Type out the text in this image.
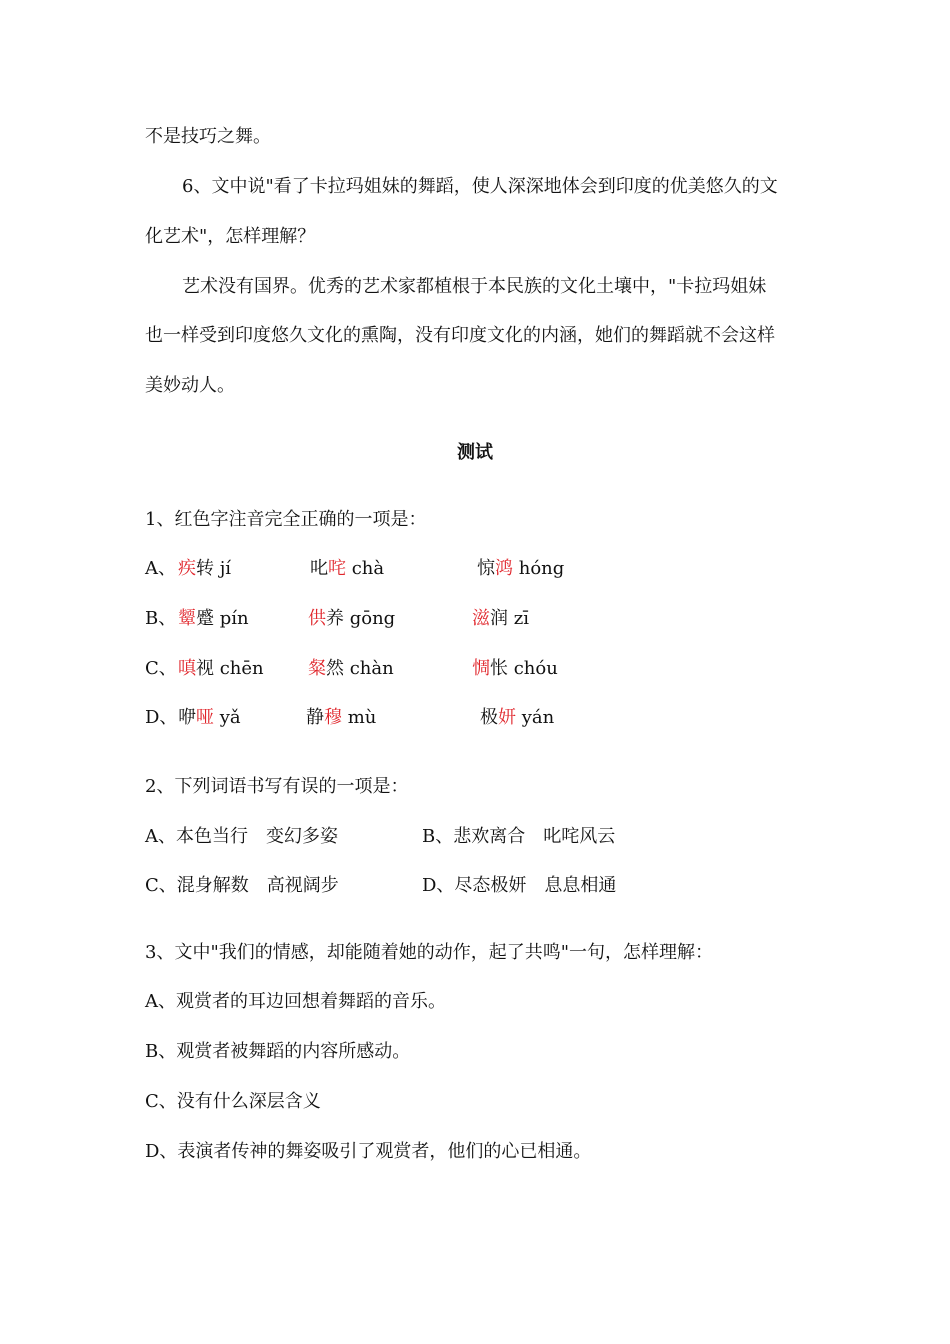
不是技巧之舞。
6、文中说"看了卡拉玛姐妹的舞蹈，使人深深地体会到印度的优美悠久的文
化艺术"，怎样理解？
艺术没有国界。优秀的艺术家都植根于本民族的文化土壤中，"卡拉玛姐妹
也一样受到印度悠久文化的熏陶，没有印度文化的内涵，她们的舞蹈就不会这样
美妙动人。
测试
1、红色字注音完全正确的一项是：
A、 疾转 jí	叱咤 chà	惊鸿 hóng
B、 颦蹙 pín	供养 gōng	滋润 zī
C、 嗔视 chēn 粲然 chàn	惆怅 chóu
D、 咿哑 yǎ	静穆 mù	极妍 yán
2、下列词语书写有误的一项是：
A、本色当行　变幻多姿	B、悲欢离合　叱咤风云
C、混身解数　高视阔步	D、尽态极妍　息息相通
3、文中"我们的情感，却能随着她的动作，起了共鸣"一句，怎样理解：
A、观赏者的耳边回想着舞蹈的音乐。
B、观赏者被舞蹈的内容所感动。
C、没有什么深层含义
D、表演者传神的舞姿吸引了观赏者，他们的心已相通。
